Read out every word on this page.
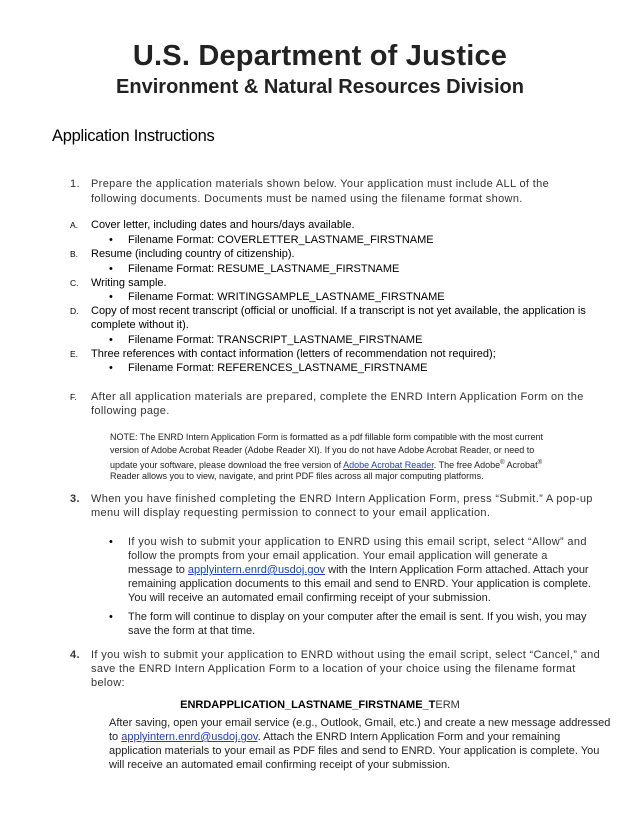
U.S. Department of Justice
Environment & Natural Resources Division
Application Instructions
1. Prepare the application materials shown below. Your application must include ALL of the following documents. Documents must be named using the filename format shown.
A. Cover letter, including dates and hours/days available.
• Filename Format: COVERLETTER_LASTNAME_FIRSTNAME
B. Resume (including country of citizenship).
• Filename Format: RESUME_LASTNAME_FIRSTNAME
C. Writing sample.
• Filename Format: WRITINGSAMPLE_LASTNAME_FIRSTNAME
D. Copy of most recent transcript (official or unofficial. If a transcript is not yet available, the application is
complete without it).
• Filename Format: TRANSCRIPT_LASTNAME_FIRSTNAME
E. Three references with contact information (letters of recommendation not required);
• Filename Format: REFERENCES_LASTNAME_FIRSTNAME
F. After all application materials are prepared, complete the ENRD Intern Application Form on the
following page.
NOTE: The ENRD Intern Application Form is formatted as a pdf fillable form compatible with the most current
version of Adobe Acrobat Reader (Adobe Reader XI). If you do not have Adobe Acrobat Reader, or need to
update your software, please download the free version of Adobe Acrobat Reader. The free Adobe® Acrobat®
Reader allows you to view, navigate, and print PDF files across all major computing platforms.
3. When you have finished completing the ENRD Intern Application Form, press “Submit.” A pop-up
menu will display requesting permission to connect to your email application.
• If you wish to submit your application to ENRD using this email script, select “Allow” and
follow the prompts from your email application. Your email application will generate a
message to applyintern.enrd@usdoj.gov with the Intern Application Form attached. Attach your
remaining application documents to this email and send to ENRD. Your application is complete.
You will receive an automated email confirming receipt of your submission.
• The form will continue to display on your computer after the email is sent. If you wish, you may
save the form at that time.
4. If you wish to submit your application to ENRD without using the email script, select “Cancel,” and
save the ENRD Intern Application Form to a location of your choice using the filename format
below:
ENRDAPPLICATION_LASTNAME_FIRSTNAME_TERM
After saving, open your email service (e.g., Outlook, Gmail, etc.) and create a new message addressed
to applyintern.enrd@usdoj.gov. Attach the ENRD Intern Application Form and your remaining
application materials to your email as PDF files and send to ENRD. Your application is complete. You
will receive an automated email confirming receipt of your submission.
